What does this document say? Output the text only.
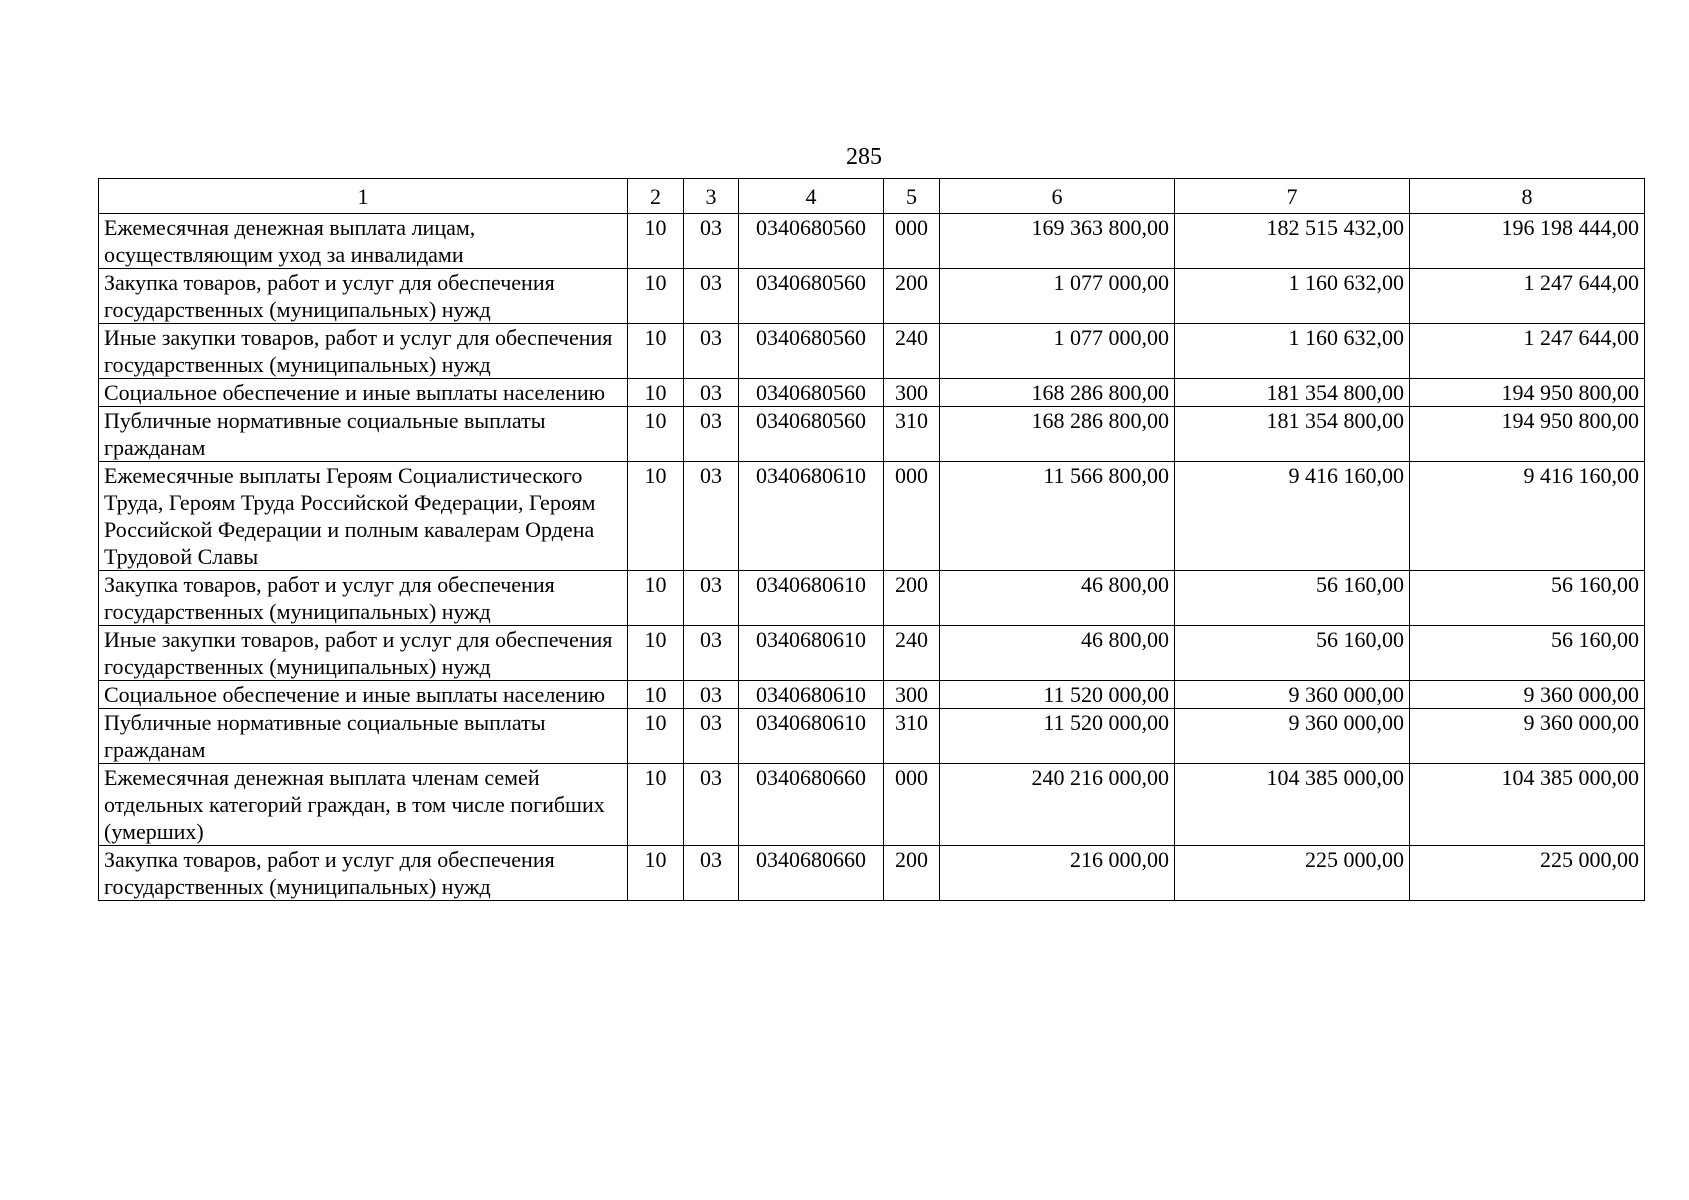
285
1	2	3	4	5	6	7	8
Ежемесячная денежная выплата лицам, осуществляющим уход за инвалидами	10	03	0340680560	000	169 363 800,00	182 515 432,00	196 198 444,00
Закупка товаров, работ и услуг для обеспечения государственных (муниципальных) нужд	10	03	0340680560	200	1 077 000,00	1 160 632,00	1 247 644,00
Иные закупки товаров, работ и услуг для обеспечения государственных (муниципальных) нужд	10	03	0340680560	240	1 077 000,00	1 160 632,00	1 247 644,00
Социальное обеспечение и иные выплаты населению	10	03	0340680560	300	168 286 800,00	181 354 800,00	194 950 800,00
Публичные нормативные социальные выплаты гражданам	10	03	0340680560	310	168 286 800,00	181 354 800,00	194 950 800,00
Ежемесячные выплаты Героям Социалистического Труда, Героям Труда Российской Федерации, Героям Российской Федерации и полным кавалерам Ордена Трудовой Славы	10	03	0340680610	000	11 566 800,00	9 416 160,00	9 416 160,00
Закупка товаров, работ и услуг для обеспечения государственных (муниципальных) нужд	10	03	0340680610	200	46 800,00	56 160,00	56 160,00
Иные закупки товаров, работ и услуг для обеспечения государственных (муниципальных) нужд	10	03	0340680610	240	46 800,00	56 160,00	56 160,00
Социальное обеспечение и иные выплаты населению	10	03	0340680610	300	11 520 000,00	9 360 000,00	9 360 000,00
Публичные нормативные социальные выплаты гражданам	10	03	0340680610	310	11 520 000,00	9 360 000,00	9 360 000,00
Ежемесячная денежная выплата членам семей отдельных категорий граждан, в том числе погибших (умерших)	10	03	0340680660	000	240 216 000,00	104 385 000,00	104 385 000,00
Закупка товаров, работ и услуг для обеспечения государственных (муниципальных) нужд	10	03	0340680660	200	216 000,00	225 000,00	225 000,00
